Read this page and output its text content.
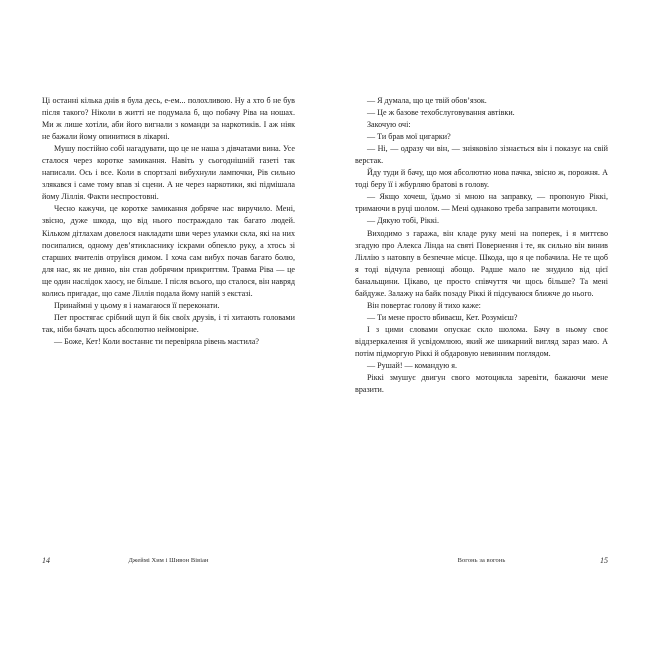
Ці останні кілька днів я була десь, е-ем... полохливою. Ну а хто б не був після такого? Ніколи в житті не подумала б, що побачу Ріва на ношах. Ми ж лише хотіли, аби його вигнали з команди за наркотиків. І аж ніяк не бажали йому опинитися в лікарні.

Мушу постійно собі нагадувати, що це не наша з дівчатами вина. Усе сталося через коротке замикання. Навіть у сьогоднішній газеті так написали. Ось і все. Коли в спортзалі вибухнули лампочки, Рів сильно злякався і саме тому впав зі сцени. А не через наркотики, які підмішала йому Ліллія. Факти неспростовні.

Чесно кажучи, це коротке замикання добряче нас виручило. Мені, звісно, дуже шкода, що від нього постраждало так багато людей. Кільком дітлахам довелося накладати шви через уламки скла, які на них посипалися, одному дев’ятикласнику іскрами обпекло руку, а хтось зі старших вчителів отруївся димом. І хоча сам вибух почав багато болю, для нас, як не дивно, він став добрячим прикриттям. Травма Ріва — це ще один наслідок хаосу, не більше. І після всього, що сталося, він навряд колись пригадає, що саме Ліллія подала йому напій з екстазі.

Принаймні у цьому я і намагаюся її переконати.

Пет простягає срібний щуп й бік своїх друзів, і ті хитають головами так, ніби бачать щось абсолютно неймовірне.

— Боже, Кет! Коли востаннє ти перевіряла рівень мастила?

14	Джеймі Хим і Шивон Вівіан

— Я думала, що це твій обов’язок.

— Це ж базове техобслуговування автівки.

Закочую очі:

— Ти брав мої цигарки?

— Ні, — одразу чи він, — зніяковіло зізнається він і показує на свій верстак.

Йду туди й бачу, що моя абсолютно нова пачка, звісно ж, порожня. А тоді беру її і жбурляю братові в голову.

— Якщо хочеш, їдьмо зі мною на заправку, — пропоную Ріккі, тримаючи в руці шолом. — Мені однаково треба заправити мотоцикл.

— Дякую тобі, Ріккі.

Виходимо з гаража, він кладе руку мені на поперек, і я миттєво згадую про Алекса Лінда на святі Повернення і те, як сильно він винив Ліллію з натовпу в безпечне місце. Шкода, що я це побачила. Не те щоб я тоді відчула ревнощі абощо. Радше мало не знудило від цієї банальщини. Цікаво, це просто співчуття чи щось більше? Та мені байдуже. Залажу на байк позаду Ріккі й підсуваюся ближче до нього.

Він повертає голову й тихо каже:

— Ти мене просто вбиваєш, Кет. Розумієш?

І з цими словами опускає скло шолома. Бачу в ньому своє віддзеркалення й усвідомлюю, який же шикарний вигляд зараз маю. А потім підморгую Ріккі й обдаровую невинним поглядом.

— Рушай! — командую я.

Ріккі змушує двигун свого мотоцикла заревіти, бажаючи мене вразити.

Вогонь за вогонь	15
